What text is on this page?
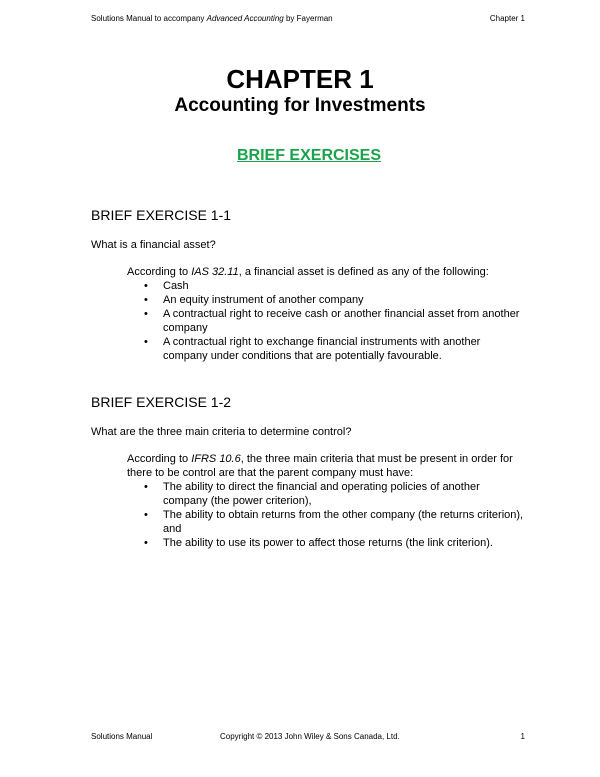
Solutions Manual to accompany Advanced Accounting by Fayerman	Chapter 1
CHAPTER 1
Accounting for Investments
BRIEF EXERCISES
BRIEF EXERCISE 1-1
What is a financial asset?

According to IAS 32.11, a financial asset is defined as any of the following:

• Cash
• An equity instrument of another company
• A contractual right to receive cash or another financial asset from another company
• A contractual right to exchange financial instruments with another company under conditions that are potentially favourable.
BRIEF EXERCISE 1-2
What are the three main criteria to determine control?

According to IFRS 10.6, the three main criteria that must be present in order for there to be control are that the parent company must have:

• The ability to direct the financial and operating policies of another company (the power criterion),
• The ability to obtain returns from the other company (the returns criterion), and
• The ability to use its power to affect those returns (the link criterion).
Solutions Manual	Copyright © 2013 John Wiley & Sons Canada, Ltd.	1
